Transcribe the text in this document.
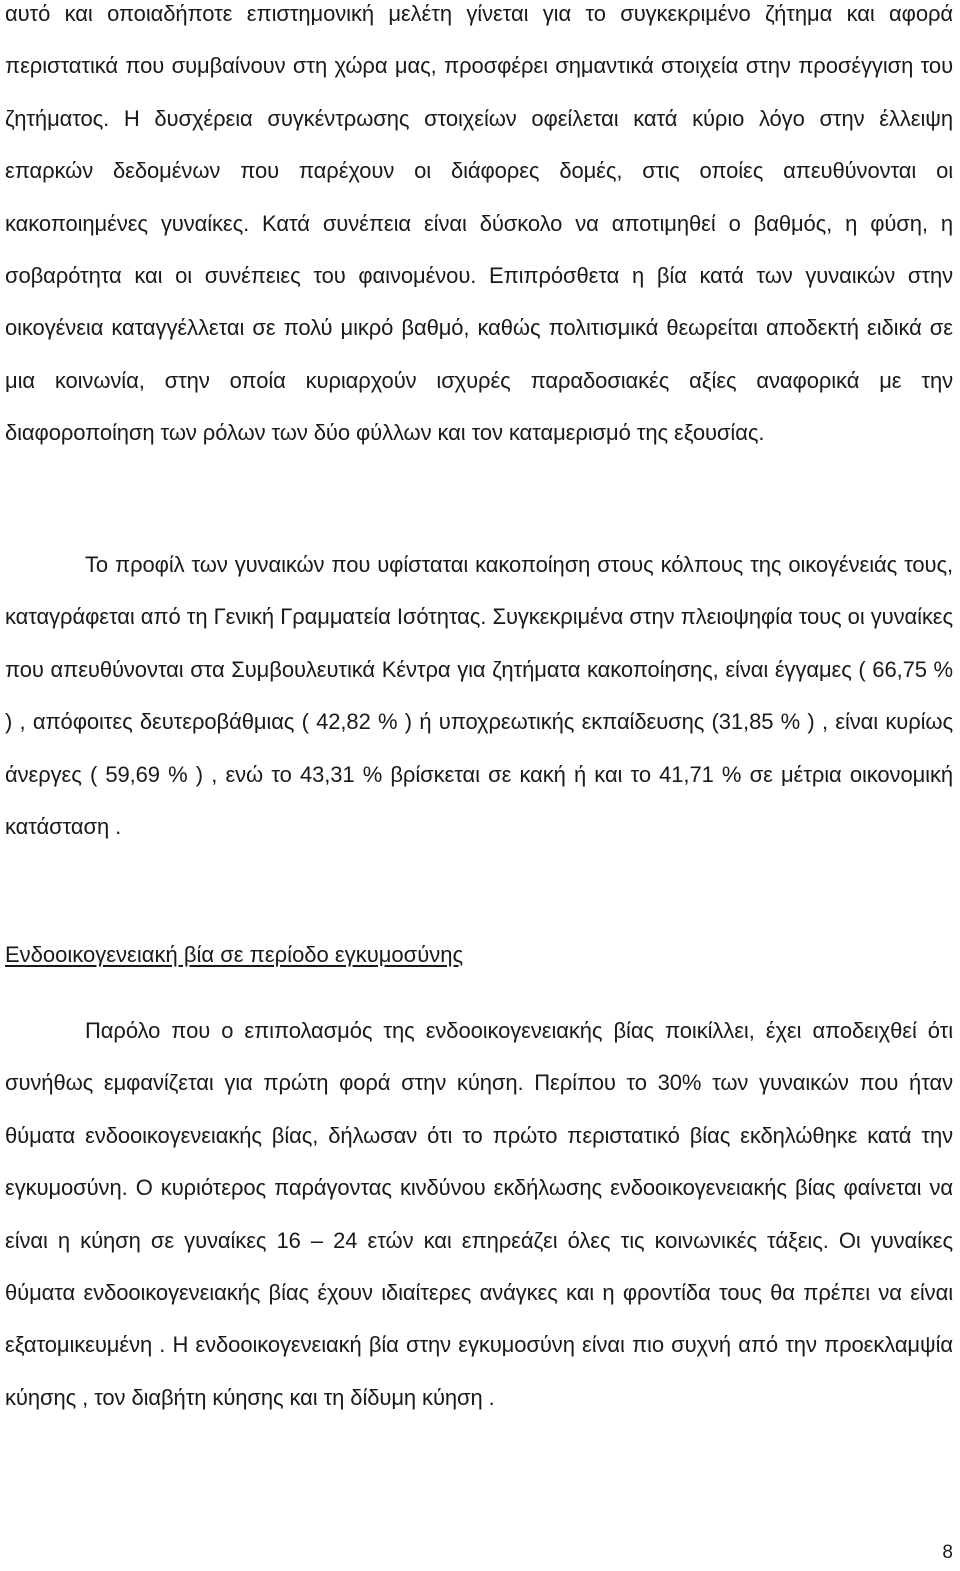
αυτό και οποιαδήποτε επιστημονική μελέτη γίνεται για το συγκεκριμένο ζήτημα και αφορά περιστατικά που συμβαίνουν στη χώρα μας, προσφέρει σημαντικά στοιχεία στην προσέγγιση του ζητήματος. Η δυσχέρεια συγκέντρωσης στοιχείων οφείλεται κατά κύριο λόγο στην έλλειψη επαρκών δεδομένων που παρέχουν οι διάφορες δομές, στις οποίες απευθύνονται οι κακοποιημένες γυναίκες. Κατά συνέπεια είναι δύσκολο να αποτιμηθεί ο βαθμός, η φύση, η σοβαρότητα και οι συνέπειες του φαινομένου. Επιπρόσθετα η βία κατά των γυναικών στην οικογένεια καταγγέλλεται σε πολύ μικρό βαθμό, καθώς πολιτισμικά θεωρείται αποδεκτή ειδικά σε μια κοινωνία, στην οποία κυριαρχούν ισχυρές παραδοσιακές αξίες αναφορικά με την διαφοροποίηση των ρόλων των δύο φύλλων και τον καταμερισμό της εξουσίας.

Το προφίλ των γυναικών που υφίσταται κακοποίηση στους κόλπους της οικογένειάς τους, καταγράφεται από τη Γενική Γραμματεία Ισότητας. Συγκεκριμένα στην πλειοψηφία τους οι γυναίκες που απευθύνονται στα Συμβουλευτικά Κέντρα για ζητήματα κακοποίησης, είναι έγγαμες ( 66,75 % ) , απόφοιτες δευτεροβάθμιας ( 42,82 % ) ή υποχρεωτικής εκπαίδευσης (31,85 % ) , είναι κυρίως άνεργες ( 59,69 % ) , ενώ το 43,31 % βρίσκεται σε κακή ή και το 41,71 % σε μέτρια οικονομική κατάσταση .

Ενδοοικογενειακή βία σε περίοδο εγκυμοσύνης

Παρόλο που ο επιπολασμός της ενδοοικογενειακής βίας ποικίλλει, έχει αποδειχθεί ότι συνήθως εμφανίζεται για πρώτη φορά στην κύηση. Περίπου το 30% των γυναικών που ήταν θύματα ενδοοικογενειακής βίας, δήλωσαν ότι το πρώτο περιστατικό βίας εκδηλώθηκε κατά την εγκυμοσύνη. Ο κυριότερος παράγοντας κινδύνου εκδήλωσης ενδοοικογενειακής βίας φαίνεται να είναι η κύηση σε γυναίκες 16 – 24 ετών και επηρεάζει όλες τις κοινωνικές τάξεις. Οι γυναίκες θύματα ενδοοικογενειακής βίας έχουν ιδιαίτερες ανάγκες και η φροντίδα τους θα πρέπει να είναι εξατομικευμένη . Η ενδοοικογενειακή βία στην εγκυμοσύνη είναι πιο συχνή από την προεκλαμψία κύησης , τον διαβήτη κύησης και τη δίδυμη κύηση .

8
